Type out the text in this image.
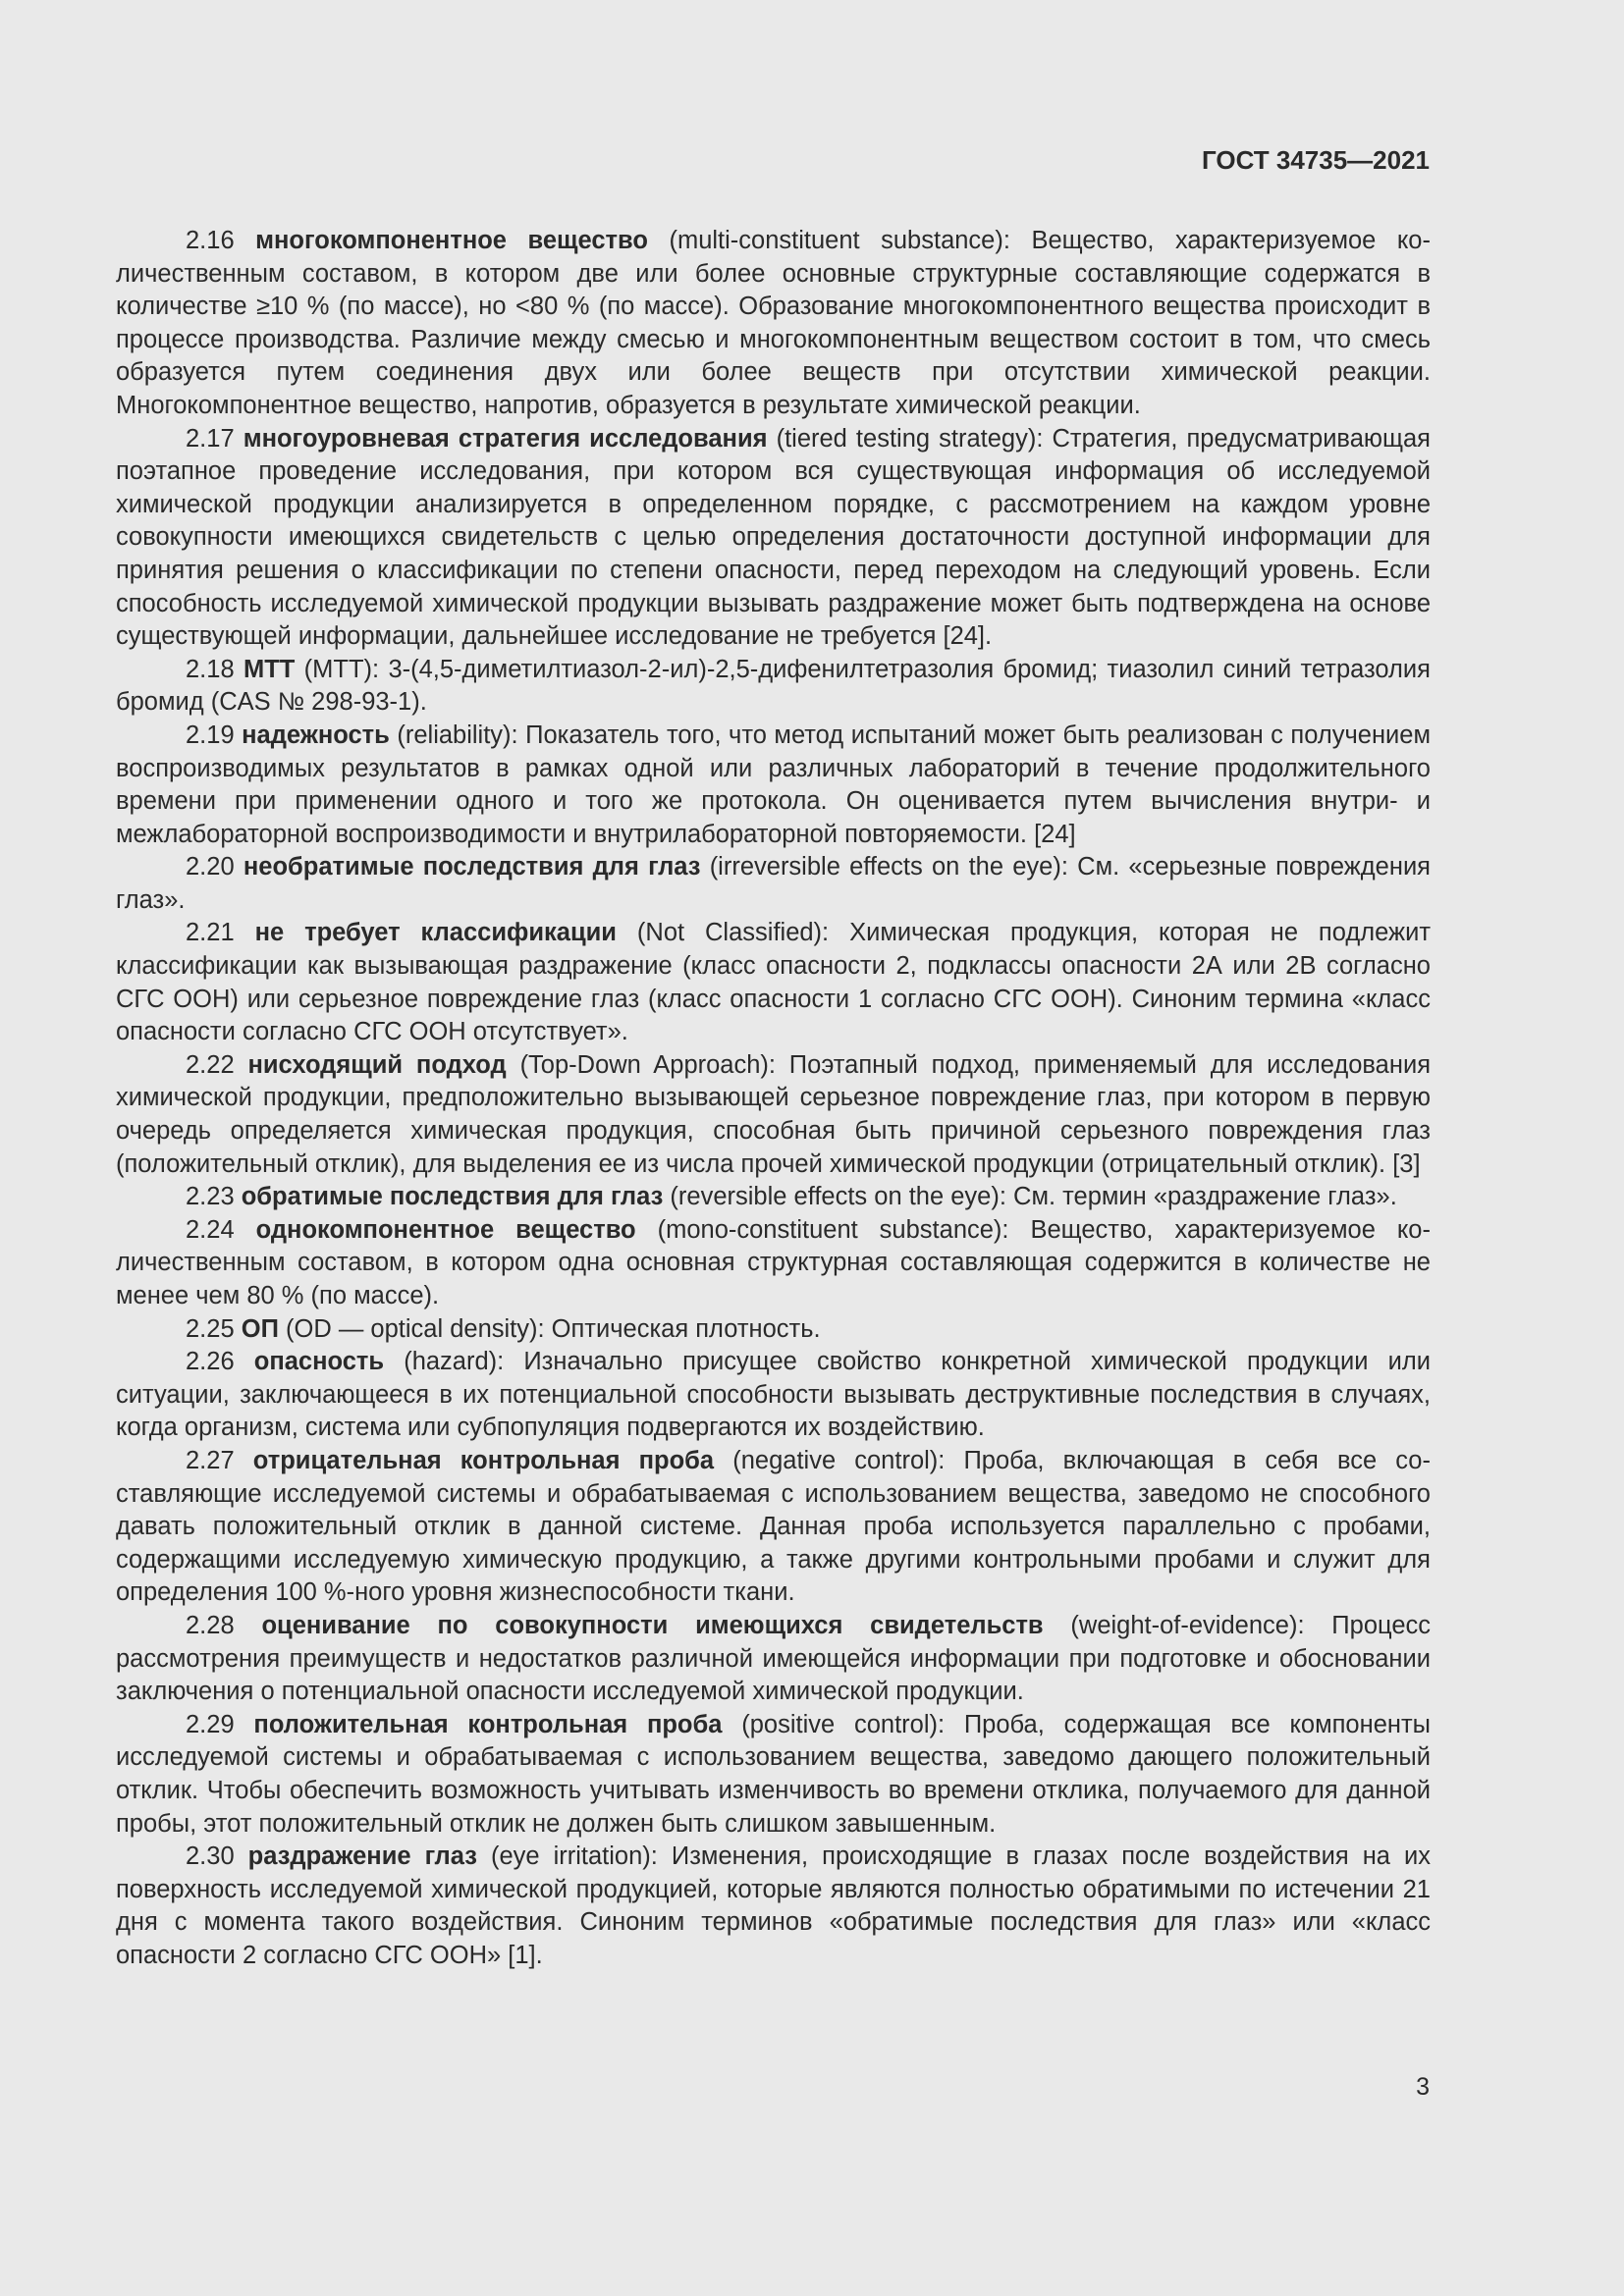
ГОСТ 34735—2021

2.16 многокомпонентное вещество (multi-constituent substance): Вещество, характеризуемое количественным составом, в котором две или более основные структурные составляющие содержатся в количестве ≥10 % (по массе), но <80 % (по массе). Образование многокомпонентного вещества происходит в процессе производства. Различие между смесью и многокомпонентным веществом состоит в том, что смесь образуется путем соединения двух или более веществ при отсутствии химической реакции. Многокомпонентное вещество, напротив, образуется в результате химической реакции.

2.17 многоуровневая стратегия исследования (tiered testing strategy): Стратегия, предусматривающая поэтапное проведение исследования, при котором вся существующая информация об исследуемой химической продукции анализируется в определенном порядке, с рассмотрением на каждом уровне совокупности имеющихся свидетельств с целью определения достаточности доступной информации для принятия решения о классификации по степени опасности, перед переходом на следующий уровень. Если способность исследуемой химической продукции вызывать раздражение может быть подтверждена на основе существующей информации, дальнейшее исследование не требуется [24].

2.18 МТТ (МТТ): 3-(4,5-диметилтиазол-2-ил)-2,5-дифенилтетразолия бромид; тиазолил синий тетразолия бромид (CAS № 298-93-1).

2.19 надежность (reliability): Показатель того, что метод испытаний может быть реализован с получением воспроизводимых результатов в рамках одной или различных лабораторий в течение продолжительного времени при применении одного и того же протокола. Он оценивается путем вычисления внутри- и межлабораторной воспроизводимости и внутрилабораторной повторяемости. [24]

2.20 необратимые последствия для глаз (irreversible effects on the eye): См. «серьезные повреждения глаз».

2.21 не требует классификации (Not Classified): Химическая продукция, которая не подлежит классификации как вызывающая раздражение (класс опасности 2, подклассы опасности 2А или 2В согласно СГС ООН) или серьезное повреждение глаз (класс опасности 1 согласно СГС ООН). Синоним термина «класс опасности согласно СГС ООН отсутствует».

2.22 нисходящий подход (Top-Down Approach): Поэтапный подход, применяемый для исследования химической продукции, предположительно вызывающей серьезное повреждение глаз, при котором в первую очередь определяется химическая продукция, способная быть причиной серьезного повреждения глаз (положительный отклик), для выделения ее из числа прочей химической продукции (отрицательный отклик). [3]

2.23 обратимые последствия для глаз (reversible effects on the eye): См. термин «раздражение глаз».

2.24 однокомпонентное вещество (mono-constituent substance): Вещество, характеризуемое количественным составом, в котором одна основная структурная составляющая содержится в количестве не менее чем 80 % (по массе).

2.25 ОП (OD — optical density): Оптическая плотность.

2.26 опасность (hazard): Изначально присущее свойство конкретной химической продукции или ситуации, заключающееся в их потенциальной способности вызывать деструктивные последствия в случаях, когда организм, система или субпопуляция подвергаются их воздействию.

2.27 отрицательная контрольная проба (negative control): Проба, включающая в себя все составляющие исследуемой системы и обрабатываемая с использованием вещества, заведомо не способного давать положительный отклик в данной системе. Данная проба используется параллельно с пробами, содержащими исследуемую химическую продукцию, а также другими контрольными пробами и служит для определения 100 %-ного уровня жизнеспособности ткани.

2.28 оценивание по совокупности имеющихся свидетельств (weight-of-evidence): Процесс рассмотрения преимуществ и недостатков различной имеющейся информации при подготовке и обосновании заключения о потенциальной опасности исследуемой химической продукции.

2.29 положительная контрольная проба (positive control): Проба, содержащая все компоненты исследуемой системы и обрабатываемая с использованием вещества, заведомо дающего положительный отклик. Чтобы обеспечить возможность учитывать изменчивость во времени отклика, получаемого для данной пробы, этот положительный отклик не должен быть слишком завышенным.

2.30 раздражение глаз (eye irritation): Изменения, происходящие в глазах после воздействия на их поверхность исследуемой химической продукцией, которые являются полностью обратимыми по истечении 21 дня с момента такого воздействия. Синоним терминов «обратимые последствия для глаз» или «класс опасности 2 согласно СГС ООН» [1].

3
